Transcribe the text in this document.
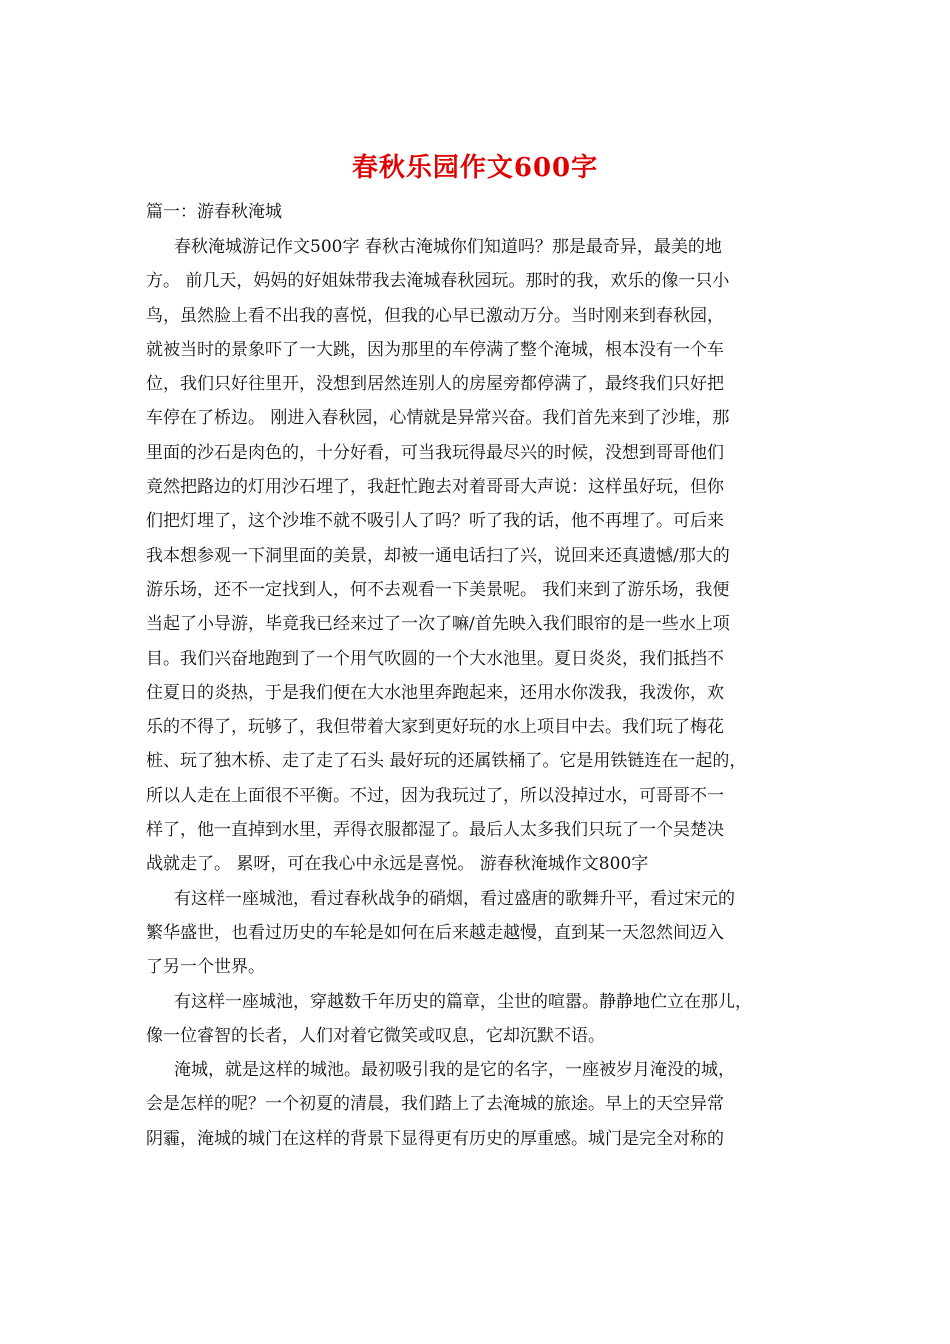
春秋乐园作文600字
篇一：游春秋淹城
春秋淹城游记作文500字 春秋古淹城你们知道吗？那是最奇异，最美的地
方。 前几天，妈妈的好姐妹带我去淹城春秋园玩。那时的我，欢乐的像一只小
鸟，虽然脸上看不出我的喜悦，但我的心早已激动万分。当时刚来到春秋园，
就被当时的景象吓了一大跳，因为那里的车停满了整个淹城，根本没有一个车
位，我们只好往里开，没想到居然连别人的房屋旁都停满了，最终我们只好把
车停在了桥边。 刚进入春秋园，心情就是异常兴奋。我们首先来到了沙堆，那
里面的沙石是肉色的，十分好看，可当我玩得最尽兴的时候，没想到哥哥他们
竟然把路边的灯用沙石埋了，我赶忙跑去对着哥哥大声说：这样虽好玩，但你
们把灯埋了，这个沙堆不就不吸引人了吗？听了我的话，他不再埋了。可后来
我本想参观一下洞里面的美景，却被一通电话扫了兴，说回来还真遗憾/那大的
游乐场，还不一定找到人，何不去观看一下美景呢。 我们来到了游乐场，我便
当起了小导游，毕竟我已经来过了一次了嘛/首先映入我们眼帘的是一些水上项
目。我们兴奋地跑到了一个用气吹圆的一个大水池里。夏日炎炎，我们抵挡不
住夏日的炎热，于是我们便在大水池里奔跑起来，还用水你泼我，我泼你，欢
乐的不得了，玩够了，我但带着大家到更好玩的水上项目中去。我们玩了梅花
桩、玩了独木桥、走了走了石头 最好玩的还属铁桶了。它是用铁链连在一起的，
所以人走在上面很不平衡。不过，因为我玩过了，所以没掉过水，可哥哥不一
样了，他一直掉到水里，弄得衣服都湿了。最后人太多我们只玩了一个吴楚决
战就走了。 累呀，可在我心中永远是喜悦。 游春秋淹城作文800字
有这样一座城池，看过春秋战争的硝烟，看过盛唐的歌舞升平，看过宋元的
繁华盛世，也看过历史的车轮是如何在后来越走越慢，直到某一天忽然间迈入
了另一个世界。
有这样一座城池，穿越数千年历史的篇章，尘世的喧嚣。静静地伫立在那儿，
像一位睿智的长者，人们对着它微笑或叹息，它却沉默不语。
淹城，就是这样的城池。最初吸引我的是它的名字，一座被岁月淹没的城，
会是怎样的呢？一个初夏的清晨，我们踏上了去淹城的旅途。早上的天空异常
阴霾，淹城的城门在这样的背景下显得更有历史的厚重感。城门是完全对称的
